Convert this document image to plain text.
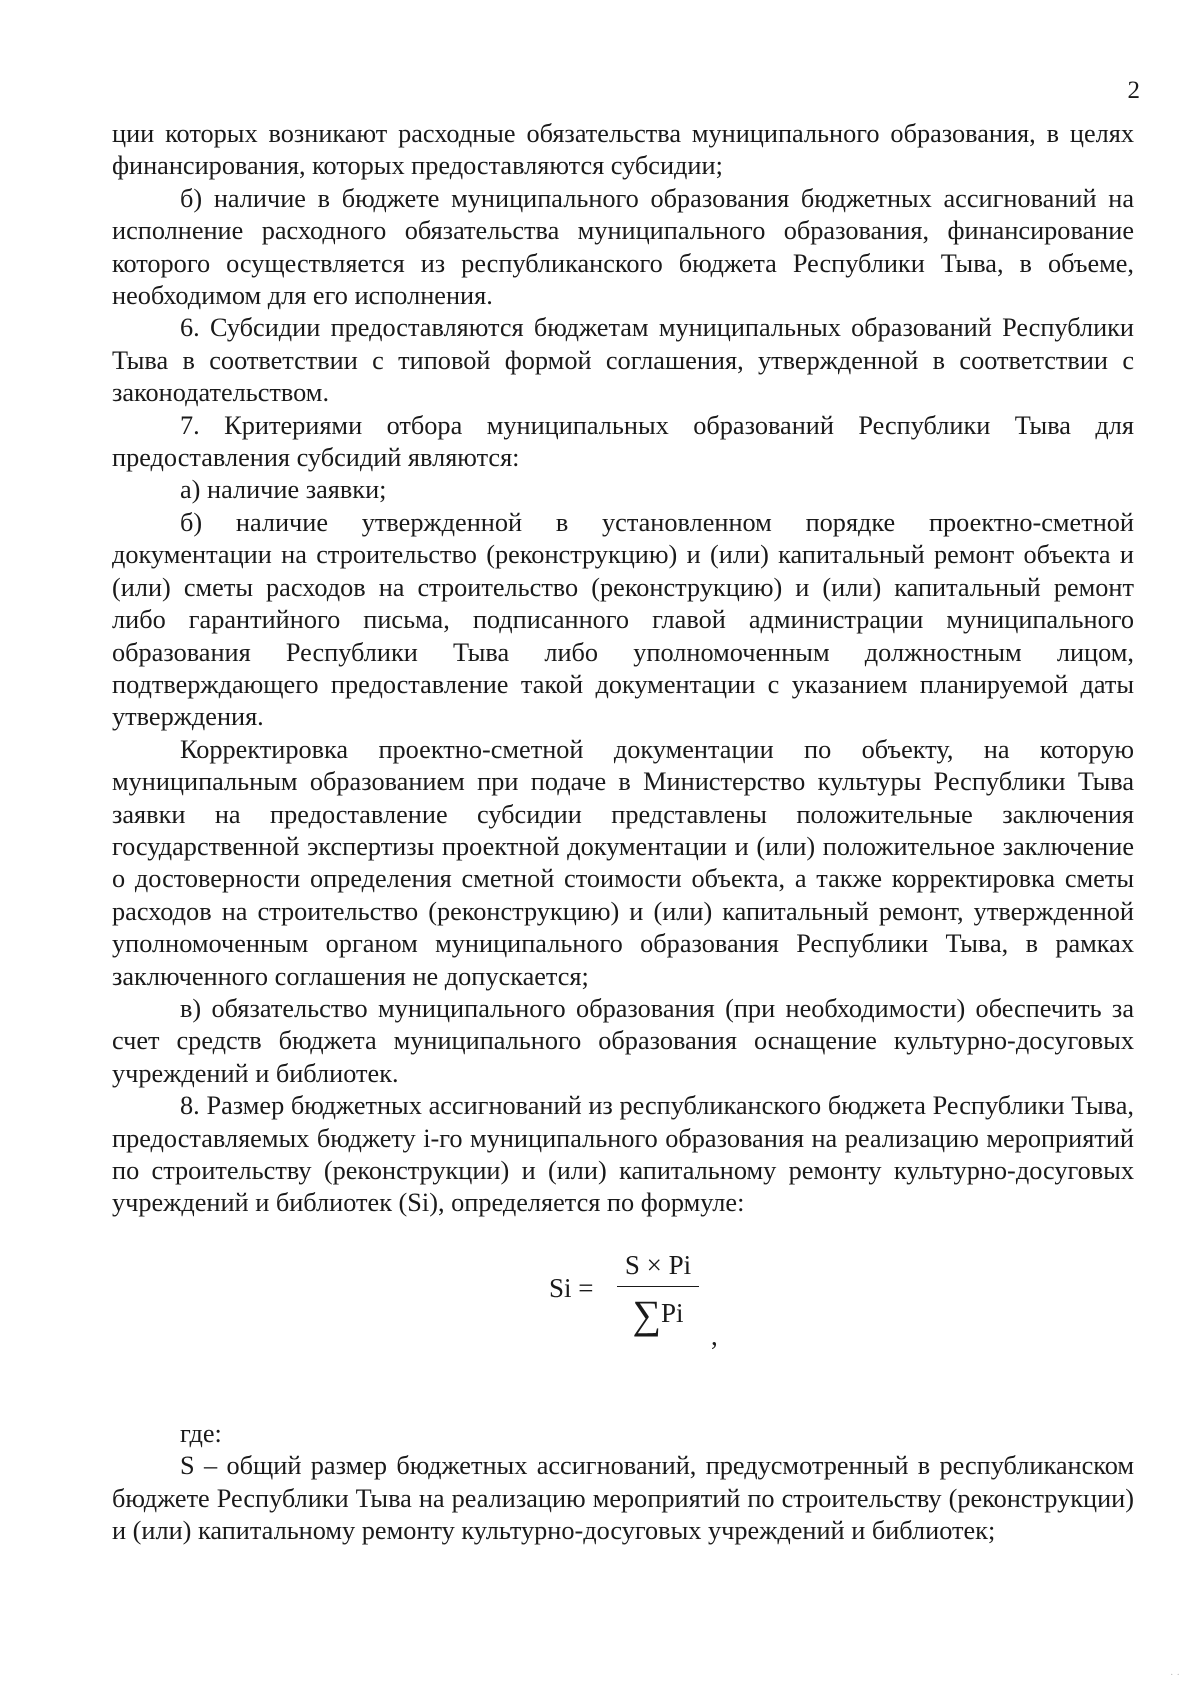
2

ции которых возникают расходные обязательства муниципального образования, в целях финансирования, которых предоставляются субсидии;

б) наличие в бюджете муниципального образования бюджетных ассигнований на исполнение расходного обязательства муниципального образования, финансирование которого осуществляется из республиканского бюджета Республики Тыва, в объеме, необходимом для его исполнения.

6. Субсидии предоставляются бюджетам муниципальных образований Республики Тыва в соответствии с типовой формой соглашения, утвержденной в соответствии с законодательством.

7. Критериями отбора муниципальных образований Республики Тыва для предоставления субсидий являются:

а) наличие заявки;

б) наличие утвержденной в установленном порядке проектно-сметной документации на строительство (реконструкцию) и (или) капитальный ремонт объекта и (или) сметы расходов на строительство (реконструкцию) и (или) капитальный ремонт либо гарантийного письма, подписанного главой администрации муниципального образования Республики Тыва либо уполномоченным должностным лицом, подтверждающего предоставление такой документации с указанием планируемой даты утверждения.

Корректировка проектно-сметной документации по объекту, на которую муниципальным образованием при подаче в Министерство культуры Республики Тыва заявки на предоставление субсидии представлены положительные заключения государственной экспертизы проектной документации и (или) положительное заключение о достоверности определения сметной стоимости объекта, а также корректировка сметы расходов на строительство (реконструкцию) и (или) капитальный ремонт, утвержденной уполномоченным органом муниципального образования Республики Тыва, в рамках заключенного соглашения не допускается;

в) обязательство муниципального образования (при необходимости) обеспечить за счет средств бюджета муниципального образования оснащение культурно-досуговых учреждений и библиотек.

8. Размер бюджетных ассигнований из республиканского бюджета Республики Тыва, предоставляемых бюджету i-го муниципального образования на реализацию мероприятий по строительству (реконструкции) и (или) капитальному ремонту культурно-досуговых учреждений и библиотек (Si), определяется по формуле:

Si =
S × Pi
∑Pi
,

где:

S – общий размер бюджетных ассигнований, предусмотренный в республиканском бюджете Республики Тыва на реализацию мероприятий по строительству (реконструкции) и (или) капитальному ремонту культурно-досуговых учреждений и библиотек;

· ·
